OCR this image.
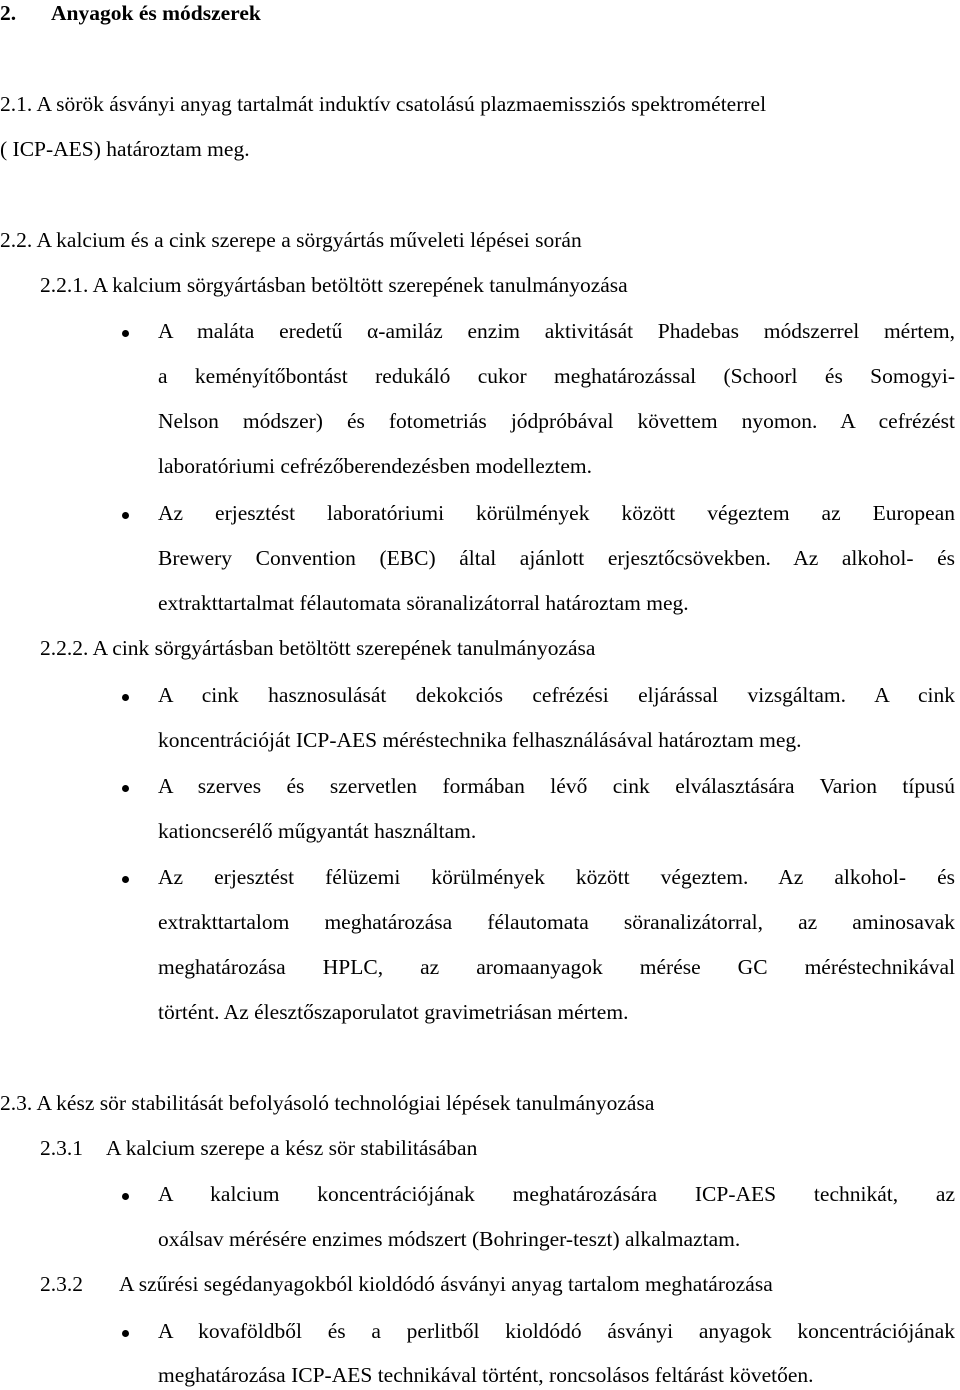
2. Anyagok és módszerek
2.1. A sörök ásványi anyag tartalmát induktív csatolású plazmaemissziós spektrométerrel
( ICP-AES) határoztam meg.
2.2. A kalcium és a cink szerepe a sörgyártás műveleti lépései során
2.2.1. A kalcium sörgyártásban betöltött szerepének tanulmányozása
A maláta eredetű α-amiláz enzim aktivitását Phadebas módszerrel mértem,
a keményítőbontást redukáló cukor meghatározással (Schoorl és Somogyi-
Nelson módszer) és fotometriás jódpróbával követtem nyomon. A cefrézést
laboratóriumi cefrézőberendezésben modelleztem.
Az erjesztést laboratóriumi körülmények között végeztem az European
Brewery Convention (EBC) által ajánlott erjesztőcsövekben. Az alkohol- és
extrakttartalmat félautomata söranalizátorral határoztam meg.
2.2.2. A cink sörgyártásban betöltött szerepének tanulmányozása
A cink hasznosulását dekokciós cefrézési eljárással vizsgáltam. A cink
koncentrációját ICP-AES méréstechnika felhasználásával határoztam meg.
A szerves és szervetlen formában lévő cink elválasztására Varion típusú
kationcserélő műgyantát használtam.
Az erjesztést félüzemi körülmények között végeztem. Az alkohol- és
extrakttartalom meghatározása félautomata söranalizátorral, az aminosavak
meghatározása HPLC, az aromaanyagok mérése GC méréstechnikával
történt. Az élesztőszaporulatot gravimetriásan mértem.
2.3. A kész sör stabilitását befolyásoló technológiai lépések tanulmányozása
2.3.1 A kalcium szerepe a kész sör stabilitásában
A kalcium koncentrációjának meghatározására ICP-AES technikát, az
oxálsav mérésére enzimes módszert (Bohringer-teszt) alkalmaztam.
2.3.2 A szűrési segédanyagokból kioldódó ásványi anyag tartalom meghatározása
A kovaföldből és a perlitből kioldódó ásványi anyagok koncentrációjának
meghatározása ICP-AES technikával történt, roncsolásos feltárást követően.
